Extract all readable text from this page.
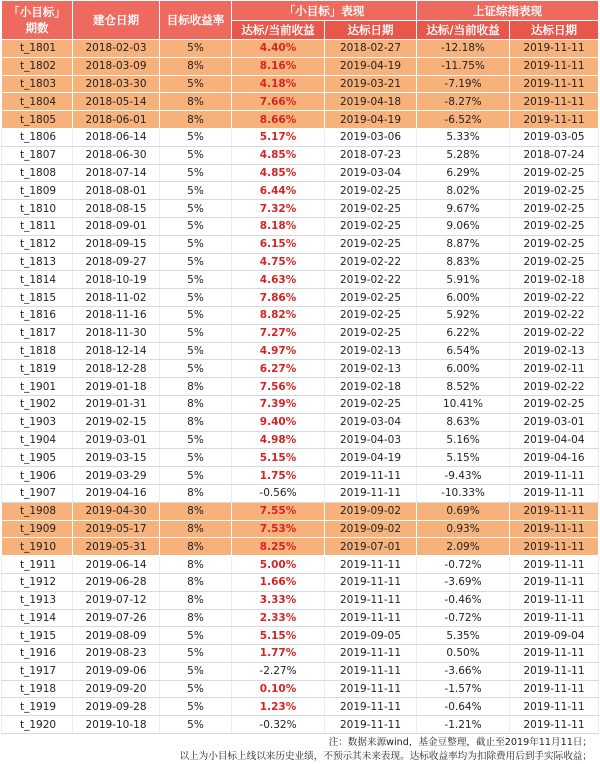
「小目标」
期数	建仓日期	目标收益率	「小目标」表现		上证综指表现	
			达标/当前收益	达标日期	达标/当前收益	达标日期
t_1801	2018-02-03	5%	4.40%	2018-02-27	-12.18%	2019-11-11
t_1802	2018-03-09	8%	8.16%	2019-04-19	-11.75%	2019-11-11
t_1803	2018-03-30	5%	4.18%	2019-03-21	-7.19%	2019-11-11
t_1804	2018-05-14	8%	7.66%	2019-04-18	-8.27%	2019-11-11
t_1805	2018-06-01	8%	8.66%	2019-04-19	-6.52%	2019-11-11
t_1806	2018-06-14	5%	5.17%	2019-03-06	5.33%	2019-03-05
t_1807	2018-06-30	5%	4.85%	2018-07-23	5.28%	2018-07-24
t_1808	2018-07-14	5%	4.85%	2019-03-04	6.29%	2019-02-25
t_1809	2018-08-01	5%	6.44%	2019-02-25	8.02%	2019-02-25
t_1810	2018-08-15	5%	7.32%	2019-02-25	9.67%	2019-02-25
t_1811	2018-09-01	5%	8.18%	2019-02-25	9.06%	2019-02-25
t_1812	2018-09-15	5%	6.15%	2019-02-25	8.87%	2019-02-25
t_1813	2018-09-27	5%	4.75%	2019-02-22	8.83%	2019-02-25
t_1814	2018-10-19	5%	4.63%	2019-02-22	5.91%	2019-02-18
t_1815	2018-11-02	5%	7.86%	2019-02-25	6.00%	2019-02-22
t_1816	2018-11-16	5%	8.82%	2019-02-25	5.92%	2019-02-22
t_1817	2018-11-30	5%	7.27%	2019-02-25	6.22%	2019-02-22
t_1818	2018-12-14	5%	4.97%	2019-02-13	6.54%	2019-02-13
t_1819	2018-12-28	5%	6.27%	2019-02-13	6.00%	2019-02-11
t_1901	2019-01-18	8%	7.56%	2019-02-18	8.52%	2019-02-22
t_1902	2019-01-31	8%	7.39%	2019-02-25	10.41%	2019-02-25
t_1903	2019-02-15	8%	9.40%	2019-03-04	8.63%	2019-03-01
t_1904	2019-03-01	5%	4.98%	2019-04-03	5.16%	2019-04-04
t_1905	2019-03-15	5%	5.15%	2019-04-19	5.15%	2019-04-16
t_1906	2019-03-29	5%	1.75%	2019-11-11	-9.43%	2019-11-11
t_1907	2019-04-16	8%	-0.56%	2019-11-11	-10.33%	2019-11-11
t_1908	2019-04-30	8%	7.55%	2019-09-02	0.69%	2019-11-11
t_1909	2019-05-17	8%	7.53%	2019-09-02	0.93%	2019-11-11
t_1910	2019-05-31	8%	8.25%	2019-07-01	2.09%	2019-11-11
t_1911	2019-06-14	8%	5.00%	2019-11-11	-0.72%	2019-11-11
t_1912	2019-06-28	8%	1.66%	2019-11-11	-3.69%	2019-11-11
t_1913	2019-07-12	8%	3.33%	2019-11-11	-0.46%	2019-11-11
t_1914	2019-07-26	8%	2.33%	2019-11-11	-0.72%	2019-11-11
t_1915	2019-08-09	5%	5.15%	2019-09-05	5.35%	2019-09-04
t_1916	2019-08-23	5%	1.77%	2019-11-11	0.50%	2019-11-11
t_1917	2019-09-06	5%	-2.27%	2019-11-11	-3.66%	2019-11-11
t_1918	2019-09-20	5%	0.10%	2019-11-11	-1.57%	2019-11-11
t_1919	2019-09-28	5%	1.23%	2019-11-11	-0.64%	2019-11-11
t_1920	2019-10-18	5%	-0.32%	2019-11-11	-1.21%	2019-11-11
注：数据来源wind，基金豆整理，截止至2019年11月11日；
以上为小目标上线以来历史业绩，不预示其未来表现。达标收益率均为扣除费用后到手实际收益；
